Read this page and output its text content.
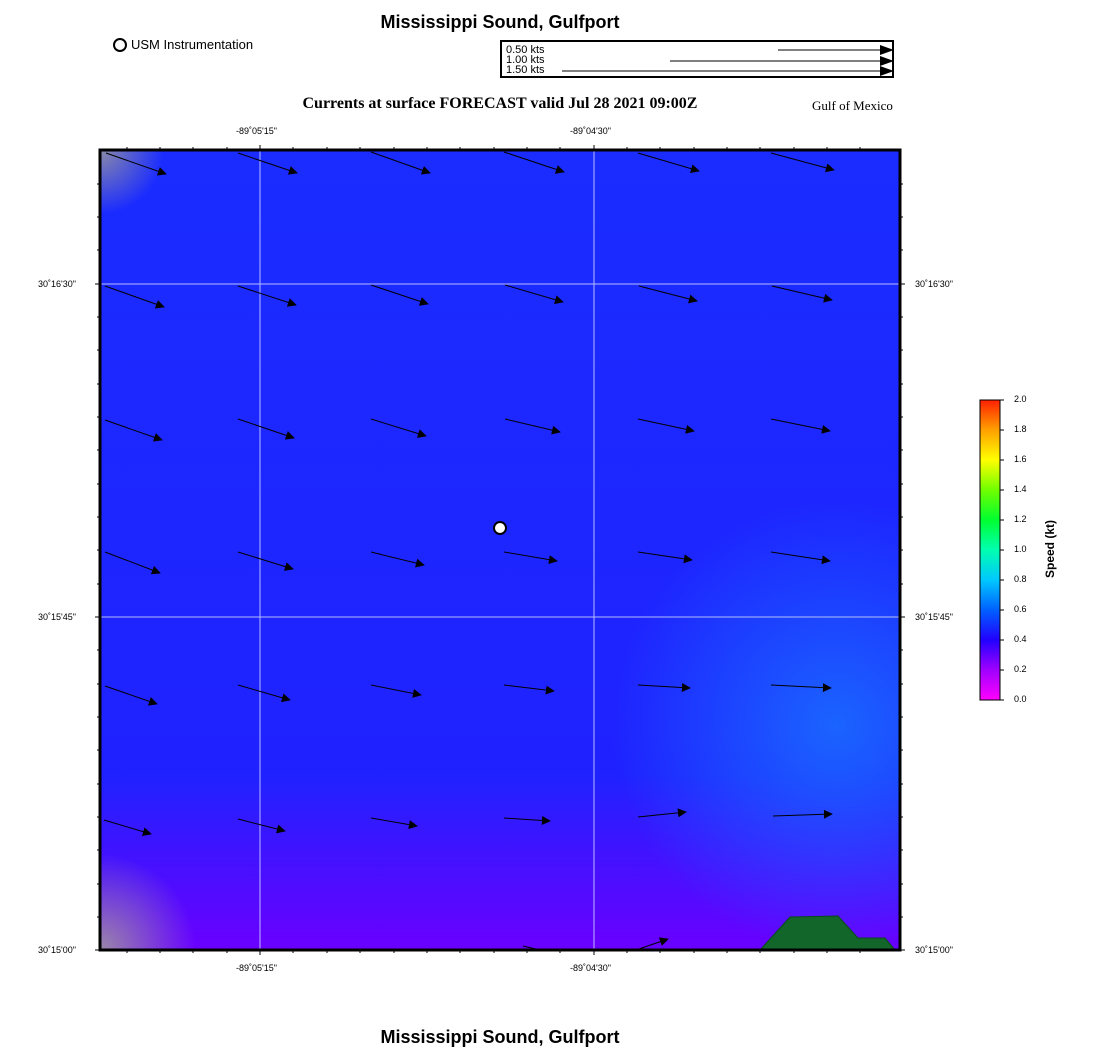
Mississippi Sound, Gulfport
USM Instrumentation	0.50 kts
1.00 kts
1.50 kts
Currents at surface FORECAST valid Jul 28 2021 09:00Z	Gulf of Mexico
-89˚05'15"	-89˚04'30"
-89˚05'15"	-89˚04'30"
30˚16'30"
30˚15'45"
30˚15'00"
30˚16'30"
30˚15'45"
30˚15'00"
0.0
0.2
0.4
0.6
0.8
1.0
1.2
1.4
1.6
1.8
2.0
Speed (kt)
Mississippi Sound, Gulfport
